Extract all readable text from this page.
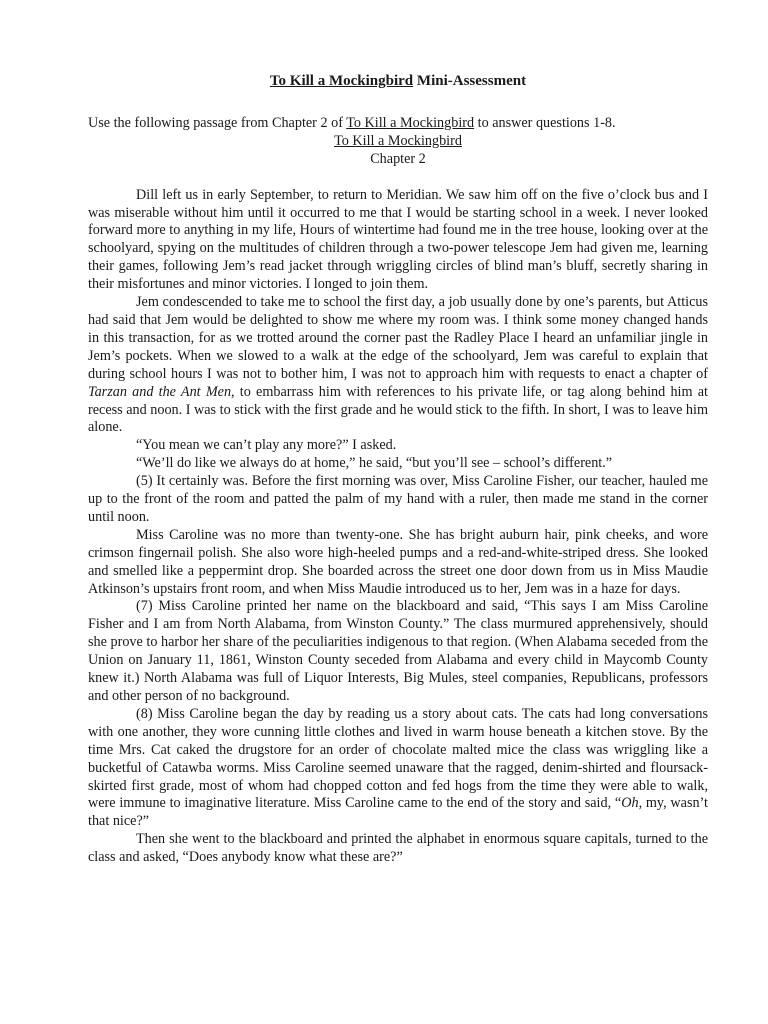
To Kill a Mockingbird Mini-Assessment

Use the following passage from Chapter 2 of To Kill a Mockingbird to answer questions 1-8.

To Kill a Mockingbird

Chapter 2

Dill left us in early September, to return to Meridian. We saw him off on the five o’clock bus and I was miserable without him until it occurred to me that I would be starting school in a week. I never looked forward more to anything in my life, Hours of wintertime had found me in the tree house, looking over at the schoolyard, spying on the multitudes of children through a two-power telescope Jem had given me, learning their games, following Jem’s read jacket through wriggling circles of blind man’s bluff, secretly sharing in their misfortunes and minor victories. I longed to join them.

Jem condescended to take me to school the first day, a job usually done by one’s parents, but Atticus had said that Jem would be delighted to show me where my room was. I think some money changed hands in this transaction, for as we trotted around the corner past the Radley Place I heard an unfamiliar jingle in Jem’s pockets. When we slowed to a walk at the edge of the schoolyard, Jem was careful to explain that during school hours I was not to bother him, I was not to approach him with requests to enact a chapter of Tarzan and the Ant Men, to embarrass him with references to his private life, or tag along behind him at recess and noon. I was to stick with the first grade and he would stick to the fifth. In short, I was to leave him alone.

“You mean we can’t play any more?” I asked.

“We’ll do like we always do at home,” he said, “but you’ll see – school’s different.”

(5) It certainly was. Before the first morning was over, Miss Caroline Fisher, our teacher, hauled me up to the front of the room and patted the palm of my hand with a ruler, then made me stand in the corner until noon.

Miss Caroline was no more than twenty-one. She has bright auburn hair, pink cheeks, and wore crimson fingernail polish. She also wore high-heeled pumps and a red-and-white-striped dress. She looked and smelled like a peppermint drop. She boarded across the street one door down from us in Miss Maudie Atkinson’s upstairs front room, and when Miss Maudie introduced us to her, Jem was in a haze for days.

(7) Miss Caroline printed her name on the blackboard and said, “This says I am Miss Caroline Fisher and I am from North Alabama, from Winston County.” The class murmured apprehensively, should she prove to harbor her share of the peculiarities indigenous to that region. (When Alabama seceded from the Union on January 11, 1861, Winston County seceded from Alabama and every child in Maycomb County knew it.) North Alabama was full of Liquor Interests, Big Mules, steel companies, Republicans, professors and other person of no background.

(8) Miss Caroline began the day by reading us a story about cats. The cats had long conversations with one another, they wore cunning little clothes and lived in warm house beneath a kitchen stove. By the time Mrs. Cat caked the drugstore for an order of chocolate malted mice the class was wriggling like a bucketful of Catawba worms. Miss Caroline seemed unaware that the ragged, denim-shirted and floursack-skirted first grade, most of whom had chopped cotton and fed hogs from the time they were able to walk, were immune to imaginative literature. Miss Caroline came to the end of the story and said, “Oh, my, wasn’t that nice?”

Then she went to the blackboard and printed the alphabet in enormous square capitals, turned to the class and asked, “Does anybody know what these are?”
